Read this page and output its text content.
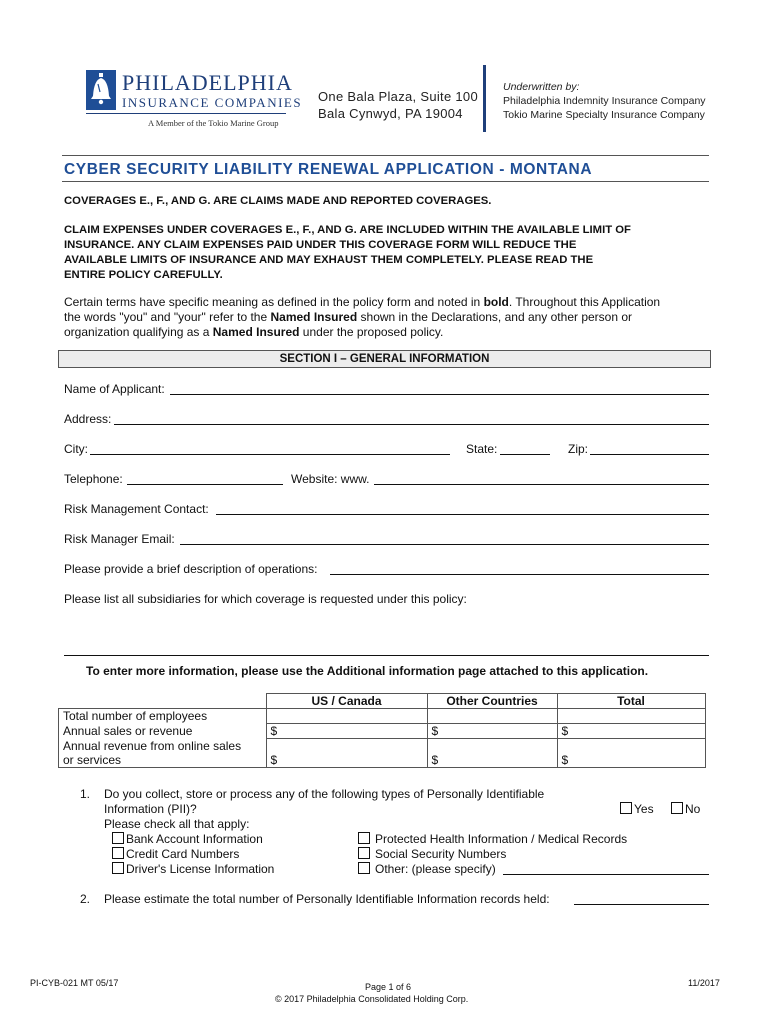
PHILADELPHIA
INSURANCE COMPANIES
A Member of the Tokio Marine Group
One Bala Plaza, Suite 100
Bala Cynwyd, PA 19004
Underwritten by:
Philadelphia Indemnity Insurance Company
Tokio Marine Specialty Insurance Company
CYBER SECURITY LIABILITY RENEWAL APPLICATION - MONTANA
COVERAGES E., F., AND G. ARE CLAIMS MADE AND REPORTED COVERAGES.
CLAIM EXPENSES UNDER COVERAGES E., F., AND G. ARE INCLUDED WITHIN THE AVAILABLE LIMIT OF
INSURANCE. ANY CLAIM EXPENSES PAID UNDER THIS COVERAGE FORM WILL REDUCE THE
AVAILABLE LIMITS OF INSURANCE AND MAY EXHAUST THEM COMPLETELY. PLEASE READ THE
ENTIRE POLICY CAREFULLY.
Certain terms have specific meaning as defined in the policy form and noted in bold. Throughout this Application
the words "you" and "your" refer to the Named Insured shown in the Declarations, and any other person or
organization qualifying as a Named Insured under the proposed policy.
SECTION I – GENERAL INFORMATION
Name of Applicant:
Address:
City:	State:	Zip:
Telephone:	Website: www.
Risk Management Contact:
Risk Manager Email:
Please provide a brief description of operations:
Please list all subsidiaries for which coverage is requested under this policy:
To enter more information, please use the Additional information page attached to this application.
	US / Canada	Other Countries	Total
Total number of employees			
Annual sales or revenue	$	$	$
Annual revenue from online sales			
or services	$	$	$
1. Do you collect, store or process any of the following types of Personally Identifiable
Information (PII)?	Yes	No
Please check all that apply:
Bank Account Information
Credit Card Numbers
Driver's License Information
Protected Health Information / Medical Records
Social Security Numbers
Other: (please specify)
2. Please estimate the total number of Personally Identifiable Information records held:
PI-CYB-021 MT 05/17	Page 1 of 6
© 2017 Philadelphia Consolidated Holding Corp.
11/2017
